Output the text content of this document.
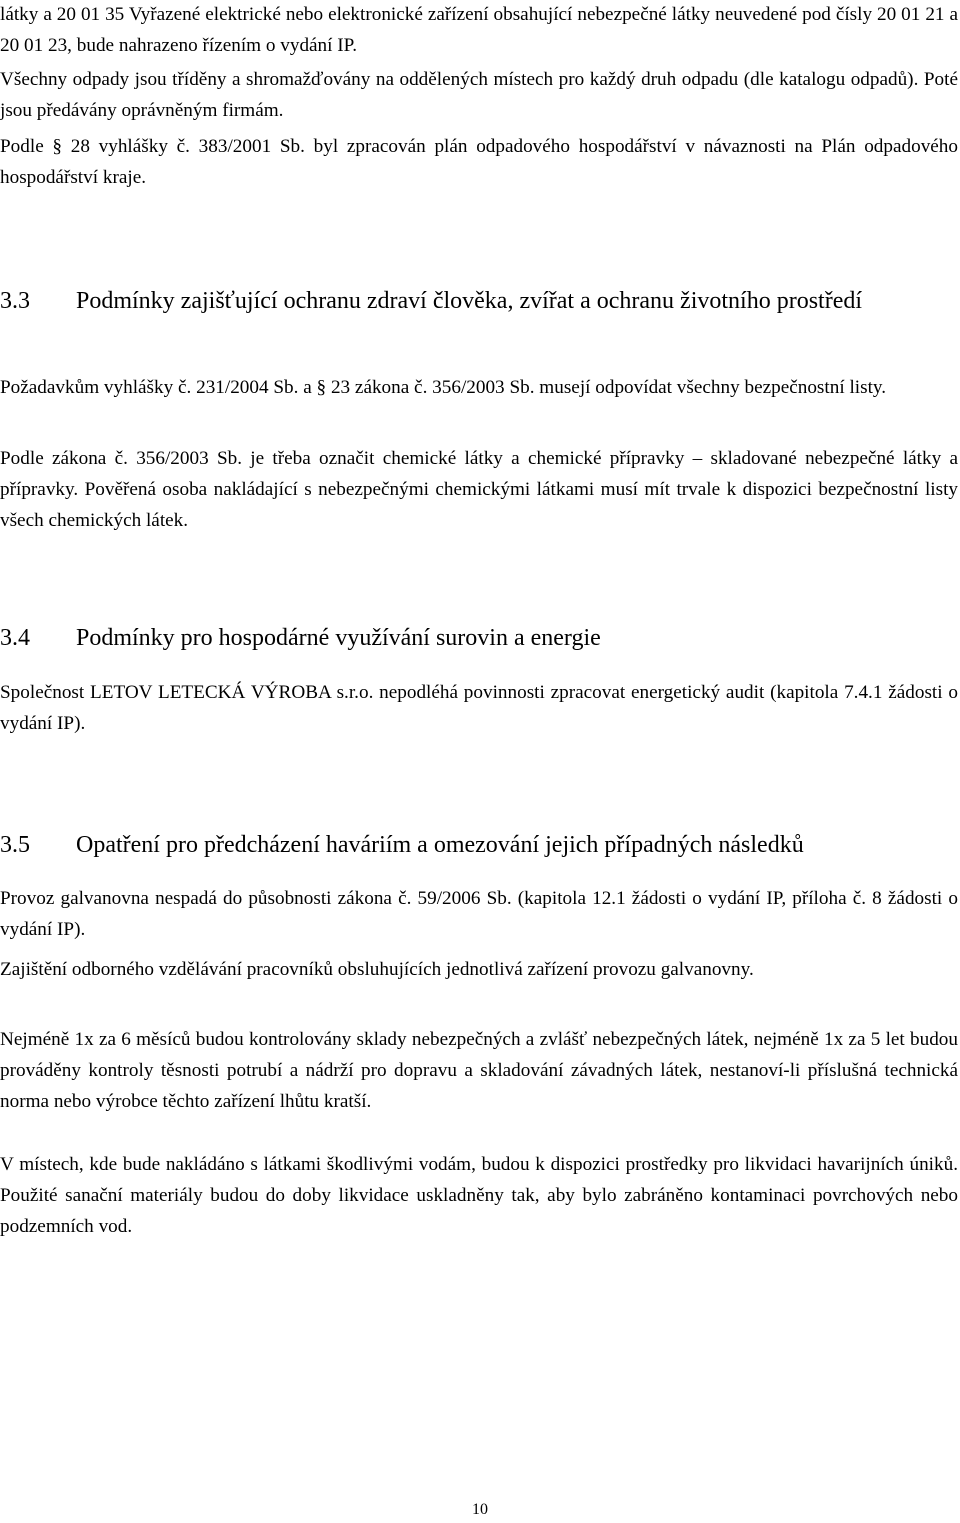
látky a 20 01 35 Vyřazené elektrické nebo elektronické zařízení obsahující nebezpečné látky neuvedené pod čísly 20 01 21 a 20 01 23, bude nahrazeno řízením o vydání IP.

Všechny odpady jsou tříděny a shromažďovány na oddělených místech pro každý druh odpadu (dle katalogu odpadů). Poté jsou předávány oprávněným firmám.

Podle § 28 vyhlášky č. 383/2001 Sb. byl zpracován plán odpadového hospodářství v návaznosti na Plán odpadového hospodářství kraje.

3.3 Podmínky zajišťující ochranu zdraví člověka, zvířat a ochranu životního prostředí

Požadavkům vyhlášky č. 231/2004 Sb. a § 23 zákona č. 356/2003 Sb. musejí odpovídat všechny bezpečnostní listy.

Podle zákona č. 356/2003 Sb. je třeba označit chemické látky a chemické přípravky – skladované nebezpečné látky a přípravky. Pověřená osoba nakládající s nebezpečnými chemickými látkami musí mít trvale k dispozici bezpečnostní listy všech chemických látek.

3.4 Podmínky pro hospodárné využívání surovin a energie

Společnost LETOV LETECKÁ VÝROBA s.r.o. nepodléhá povinnosti zpracovat energetický audit (kapitola 7.4.1 žádosti o vydání IP).

3.5 Opatření pro předcházení haváriím a omezování jejich případných následků

Provoz galvanovna nespadá do působnosti zákona č. 59/2006 Sb. (kapitola 12.1 žádosti o vydání IP, příloha č. 8 žádosti o vydání IP).

Zajištění odborného vzdělávání pracovníků obsluhujících jednotlivá zařízení provozu galvanovny.

Nejméně 1x za 6 měsíců budou kontrolovány sklady nebezpečných a zvlášť nebezpečných látek, nejméně 1x za 5 let budou prováděny kontroly těsnosti potrubí a nádrží pro dopravu a skladování závadných látek, nestanoví-li příslušná technická norma nebo výrobce těchto zařízení lhůtu kratší.

V místech, kde bude nakládáno s látkami škodlivými vodám, budou k dispozici prostředky pro likvidaci havarijních úniků. Použité sanační materiály budou do doby likvidace uskladněny tak, aby bylo zabráněno kontaminaci povrchových nebo podzemních vod.

10
